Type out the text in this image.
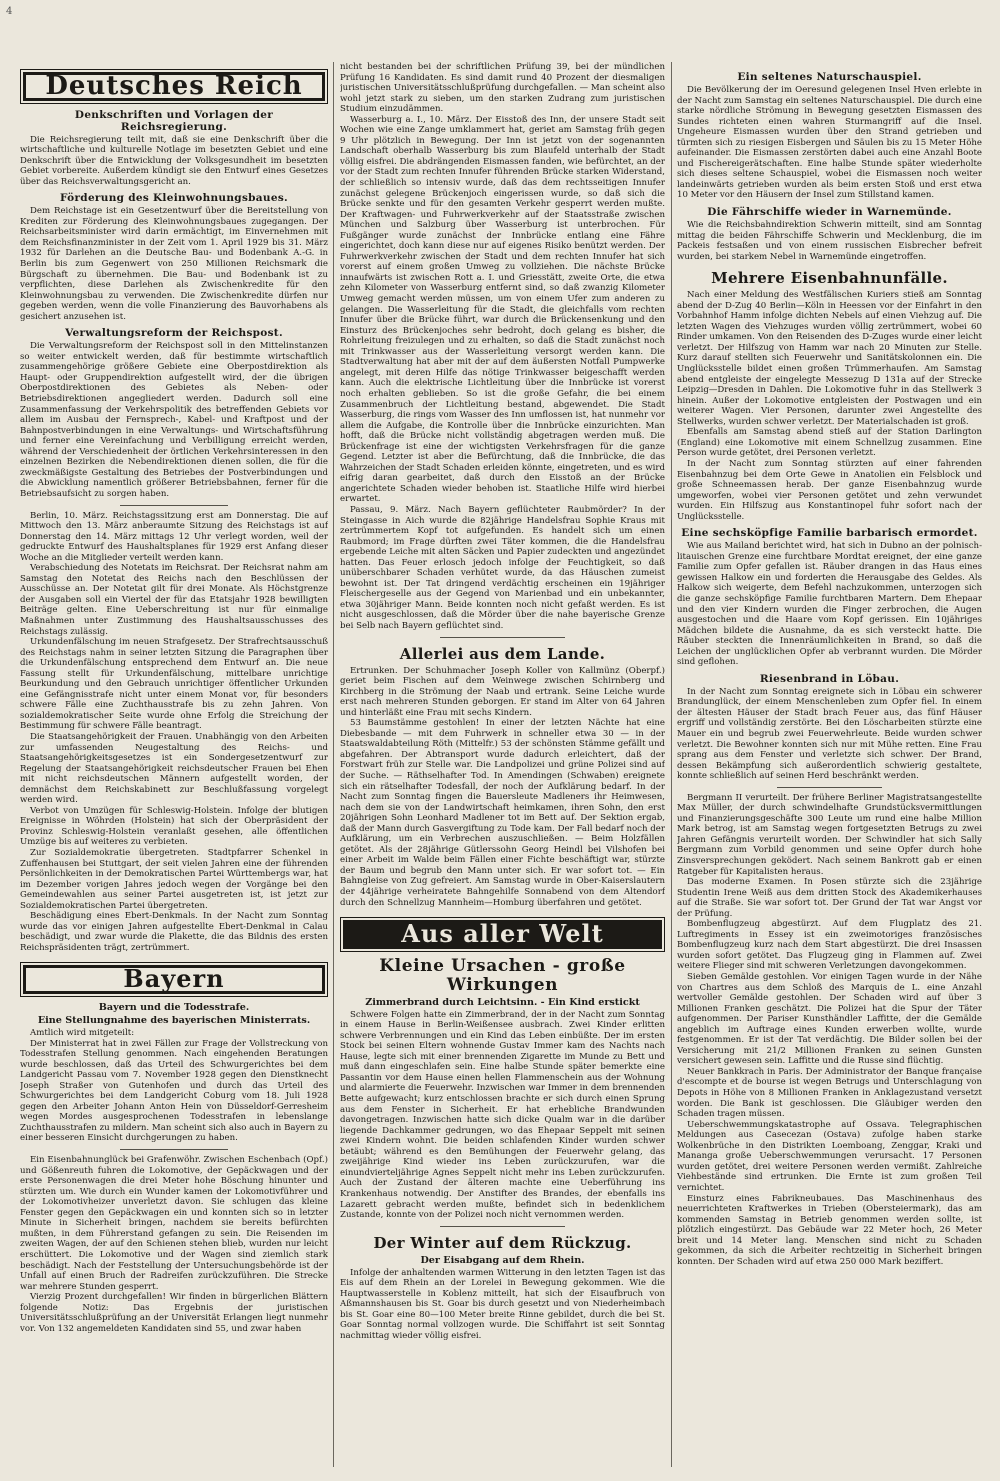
Deutsches Reich
Denkschriften und Vorlagen der Reichsregierung.

Die Reichsregierung teilt mit, daß sie eine Denkschrift über die wirtschaftliche und kulturelle Notlage im besetzten Gebiet und eine Denkschrift über die Entwicklung der Volksgesundheit im besetzten Gebiet vorbereite. Außerdem kündigt sie den Entwurf eines Gesetzes über das Reichsverwaltungsgericht an.

Förderung des Kleinwohnungsbaues.

Dem Reichstage ist ein Gesetzentwurf über die Bereitstellung von Krediten zur Förderung des Kleinwohnungsbaues zugegangen. Der Reichsarbeitsminister wird darin ermächtigt, im Einvernehmen mit dem Reichsfinanzminister in der Zeit vom 1. April 1929 bis 31. März 1932 für Darlehen an die Deutsche Bau- und Bodenbank A.-G. in Berlin bis zum Gegenwert von 250 Millionen Reichsmark die Bürgschaft zu übernehmen. Die Bau- und Bodenbank ist zu verpflichten, diese Darlehen als Zwischenkredite für den Kleinwohnungsbau zu verwenden. Die Zwischenkredite dürfen nur gegeben werden, wenn die volle Finanzierung des Bauvorhabens als gesichert anzusehen ist.

Verwaltungsreform der Reichspost.

Die Verwaltungsreform der Reichspost soll in den Mittelinstanzen so weiter entwickelt werden, daß für bestimmte wirtschaftlich zusammengehörige größere Gebiete eine Oberpostdirektion als Haupt- oder Gruppendirektion aufgestellt wird, der die übrigen Oberpostdirektionen des Gebietes als Neben- oder Betriebsdirektionen angegliedert werden. Dadurch soll eine Zusammenfassung der Verkehrspolitik des betreffenden Gebiets vor allem im Ausbau der Fernsprech-, Kabel- und Kraftpost und der Bahnpostverbindungen in eine Verwaltungs- und Wirtschaftsführung und ferner eine Vereinfachung und Verbilligung erreicht werden, während der Verschiedenheit der örtlichen Verkehrsinteressen in den einzelnen Bezirken die Nebendirektionen dienen sollen, die für die zweckmäßigste Gestaltung des Betriebes der Postverbindungen und die Abwicklung namentlich größerer Betriebsbahnen, ferner für die Betriebsaufsicht zu sorgen haben.

Berlin, 10. März. Reichstagssitzung erst am Donnerstag. Die auf Mittwoch den 13. März anberaumte Sitzung des Reichstags ist auf Donnerstag den 14. März mittags 12 Uhr verlegt worden, weil der gedruckte Entwurf des Haushaltsplanes für 1929 erst Anfang dieser Woche an die Mitglieder verteilt werden kann.

Verabschiedung des Notetats im Reichsrat. Der Reichsrat nahm am Samstag den Notetat des Reichs nach den Beschlüssen der Ausschüsse an. Der Notetat gilt für drei Monate. Als Höchstgrenze der Ausgaben soll ein Viertel der für das Etatsjahr 1928 bewilligten Beiträge gelten. Eine Ueberschreitung ist nur für einmalige Maßnahmen unter Zustimmung des Haushaltsausschusses des Reichstags zulässig.

Urkundenfälschung im neuen Strafgesetz. Der Strafrechtsausschuß des Reichstags nahm in seiner letzten Sitzung die Paragraphen über die Urkundenfälschung entsprechend dem Entwurf an. Die neue Fassung stellt für Urkundenfälschung, mittelbare unrichtige Beurkundung und den Gebrauch unrichtiger öffentlicher Urkunden eine Gefängnisstrafe nicht unter einem Monat vor, für besonders schwere Fälle eine Zuchthausstrafe bis zu zehn Jahren. Von sozialdemokratischer Seite wurde ohne Erfolg die Streichung der Bestimmung für schwere Fälle beantragt.

Die Staatsangehörigkeit der Frauen. Unabhängig von den Arbeiten zur umfassenden Neugestaltung des Reichs- und Staatsangehörigkeitsgesetzes ist ein Sondergesetzentwurf zur Regelung der Staatsangehörigkeit reichsdeutscher Frauen bei Ehen mit nicht reichsdeutschen Männern aufgestellt worden, der demnächst dem Reichskabinett zur Beschlußfassung vorgelegt werden wird.

Verbot von Umzügen für Schleswig-Holstein. Infolge der blutigen Ereignisse in Wöhrden (Holstein) hat sich der Oberpräsident der Provinz Schleswig-Holstein veranlaßt gesehen, alle öffentlichen Umzüge bis auf weiteres zu verbieten.

Zur Sozialdemokratie übergetreten. Stadtpfarrer Schenkel in Zuffenhausen bei Stuttgart, der seit vielen Jahren eine der führenden Persönlichkeiten in der Demokratischen Partei Württembergs war, hat im Dezember vorigen Jahres jedoch wegen der Vorgänge bei den Gemeindewahlen aus seiner Partei ausgetreten ist, ist jetzt zur Sozialdemokratischen Partei übergetreten.

Beschädigung eines Ebert-Denkmals. In der Nacht zum Sonntag wurde das vor einigen Jahren aufgestellte Ebert-Denkmal in Calau beschädigt, und zwar wurde die Plakette, die das Bildnis des ersten Reichspräsidenten trägt, zertrümmert.

Bayern
Bayern und die Todesstrafe.
Eine Stellungnahme des bayerischen Ministerrats.

Amtlich wird mitgeteilt:

Der Ministerrat hat in zwei Fällen zur Frage der Vollstreckung von Todesstrafen Stellung genommen. Nach eingehenden Beratungen wurde beschlossen, daß das Urteil des Schwurgerichtes bei dem Landgericht Passau vom 7. November 1928 gegen den Dienstknecht Joseph Straßer von Gutenhofen und durch das Urteil des Schwurgerichtes bei dem Landgericht Coburg vom 18. Juli 1928 gegen den Arbeiter Johann Anton Hein von Düsseldorf-Gerresheim wegen Mordes ausgesprochenen Todesstrafen in lebenslange Zuchthausstrafen zu mildern. Man scheint sich also auch in Bayern zu einer besseren Einsicht durchgerungen zu haben.

Ein Eisenbahnunglück bei Grafenwöhr. Zwischen Eschenbach (Opf.) und Gößenreuth fuhren die Lokomotive, der Gepäckwagen und der erste Personenwagen die drei Meter hohe Böschung hinunter und stürzten um. Wie durch ein Wunder kamen der Lokomotivführer und der Lokomotivheizer unverletzt davon. Sie schlugen das kleine Fenster gegen den Gepäckwagen ein und konnten sich so in letzter Minute in Sicherheit bringen, nachdem sie bereits befürchten mußten, in dem Führerstand gefangen zu sein. Die Reisenden im zweiten Wagen, der auf den Schienen stehen blieb, wurden nur leicht erschüttert. Die Lokomotive und der Wagen sind ziemlich stark beschädigt. Nach der Feststellung der Untersuchungsbehörde ist der Unfall auf einen Bruch der Radreifen zurückzuführen. Die Strecke war mehrere Stunden gesperrt.

Vierzig Prozent durchgefallen! Wir finden in bürgerlichen Blättern folgende Notiz: Das Ergebnis der juristischen Universitätsschlußprüfung an der Universität Erlangen liegt nunmehr vor. Von 132 angemeldeten Kandidaten sind 55, und zwar haben

nicht bestanden bei der schriftlichen Prüfung 39, bei der mündlichen Prüfung 16 Kandidaten. Es sind damit rund 40 Prozent der diesmaligen juristischen Universitätsschlußprüfung durchgefallen. — Man scheint also wohl jetzt stark zu sieben, um den starken Zudrang zum juristischen Studium einzudämmen.

Wasserburg a. I., 10. März. Der Eisstoß des Inn, der unsere Stadt seit Wochen wie eine Zange umklammert hat, geriet am Samstag früh gegen 9 Uhr plötzlich in Bewegung. Der Inn ist jetzt von der sogenannten Landschaft oberhalb Wasserburg bis zum Blaufeld unterhalb der Stadt völlig eisfrei. Die abdrängenden Eismassen fanden, wie befürchtet, an der vor der Stadt zum rechten Innufer führenden Brücke starken Widerstand, der schließlich so intensiv wurde, daß das dem rechtsseitigen Innufer zunächst gelegene Brückenjoch eingerissen wurde, so daß sich die Brücke senkte und für den gesamten Verkehr gesperrt werden mußte. Der Kraftwagen- und Fuhrwerkverkehr auf der Staatsstraße zwischen München und Salzburg über Wasserburg ist unterbrochen. Für Fußgänger wurde zunächst der Innbrücke entlang eine Fähre eingerichtet, doch kann diese nur auf eigenes Risiko benützt werden. Der Fuhrwerkverkehr zwischen der Stadt und dem rechten Innufer hat sich vorerst auf einem großen Umweg zu vollziehen. Die nächste Brücke innaufwärts ist zwischen Rott a. I. und Griesstätt, zweite Orte, die etwa zehn Kilometer von Wasserburg entfernt sind, so daß zwanzig Kilometer Umweg gemacht werden müssen, um von einem Ufer zum anderen zu gelangen. Die Wasserleitung für die Stadt, die gleichfalls vom rechten Innufer über die Brücke führt, war durch die Brückensenkung und den Einsturz des Brückenjoches sehr bedroht, doch gelang es bisher, die Rohrleitung freizulegen und zu erhalten, so daß die Stadt zunächst noch mit Trinkwasser aus der Wasserleitung versorgt werden kann. Die Stadtverwaltung hat aber mit der auf dem äußersten Notfall Pumpwerke angelegt, mit deren Hilfe das nötige Trinkwasser beigeschafft werden kann. Auch die elektrische Lichtleitung über die Innbrücke ist vorerst noch erhalten geblieben. So ist die große Gefahr, die bei einem Zusammenbruch der Lichtleitung bestand, abgewendet. Die Stadt Wasserburg, die rings vom Wasser des Inn umflossen ist, hat nunmehr vor allem die Aufgabe, die Kontrolle über die Innbrücke einzurichten. Man hofft, daß die Brücke nicht vollständig abgetragen werden muß. Die Brückenfrage ist eine der wichtigsten Verkehrsfragen für die ganze Gegend. Letzter ist aber die Befürchtung, daß die Innbrücke, die das Wahrzeichen der Stadt Schaden erleiden könnte, eingetreten, und es wird eifrig daran gearbeitet, daß durch den Eisstoß an der Brücke angerichtete Schaden wieder behoben ist. Staatliche Hilfe wird hierbei erwartet.

Passau, 9. März. Nach Bayern geflüchteter Raubmörder? In der Steingasse in Aich wurde die 82jährige Handelsfrau Sophie Kraus mit zertrümmertem Kopf tot aufgefunden. Es handelt sich um einen Raubmord; im Frage dürften zwei Täter kommen, die die Handelsfrau ergebende Leiche mit alten Säcken und Papier zudeckten und angezündet hatten. Das Feuer erlosch jedoch infolge der Feuchtigkeit, so daß unüberschbarer Schaden verhütet wurde, da das Häuschen zumeist bewohnt ist. Der Tat dringend verdächtig erscheinen ein 19jähriger Fleischergeselle aus der Gegend von Marienbad und ein unbekannter, etwa 30jähriger Mann. Beide konnten noch nicht gefaßt werden. Es ist nicht ausgeschlossen, daß die Mörder über die nahe bayerische Grenze bei Selb nach Bayern geflüchtet sind.

Allerlei aus dem Lande.

Ertrunken. Der Schuhmacher Joseph Koller von Kallmünz (Oberpf.) geriet beim Fischen auf dem Weinwege zwischen Schirnberg und Kirchberg in die Strömung der Naab und ertrank. Seine Leiche wurde erst nach mehreren Stunden geborgen. Er stand im Alter von 64 Jahren und hinterläßt eine Frau mit sechs Kindern.

53 Baumstämme gestohlen! In einer der letzten Nächte hat eine Diebesbande — mit dem Fuhrwerk in schneller etwa 30 — in der Staatswaldabteilung Röth (Mittelfr.) 53 der schönsten Stämme gefällt und abgefahren. Der Abtransport wurde dadurch erleichtert, daß der Forstwart früh zur Stelle war. Die Landpolizei und grüne Polizei sind auf der Suche. — Räthselhafter Tod. In Amendingen (Schwaben) ereignete sich ein rätselhafter Todesfall, der noch der Aufklärung bedarf. In der Nacht zum Sonntag fingen die Bauersleute Madleners ihr Heimwesen, nach dem sie von der Landwirtschaft heimkamen, ihren Sohn, den erst 20jährigen Sohn Leonhard Madlener tot im Bett auf. Der Sektion ergab, daß der Mann durch Gasvergiftung zu Tode kam. Der Fall bedarf noch der Aufklärung, um ein Verbrechen auszuschließen. — Beim Holzfällen getötet. Als der 28jährige Gütlerssohn Georg Heindl bei Vilshofen bei einer Arbeit im Walde beim Fällen einer Fichte beschäftigt war, stürzte der Baum und begrub den Mann unter sich. Er war sofort tot. — Ein Bahngleise von Zug gefreiert. Am Samstag wurde in Ober-Kaiserslautern der 44jährige verheiratete Bahngehilfe Sonnabend von dem Altendorf durch den Schnellzug Mannheim—Homburg überfahren und getötet.

Aus aller Welt
Kleine Ursachen - große Wirkungen
Zimmerbrand durch Leichtsinn. - Ein Kind erstickt

Schwere Folgen hatte ein Zimmerbrand, der in der Nacht zum Sonntag in einem Hause in Berlin-Weißensee ausbrach. Zwei Kinder erlitten schwere Verbrennungen und ein Kind das Leben einbüßte. Der im ersten Stock bei seinen Eltern wohnende Gustav Immer kam des Nachts nach Hause, legte sich mit einer brennenden Zigarette im Munde zu Bett und muß dann eingeschlafen sein. Eine halbe Stunde später bemerkte eine Passantin vor dem Hause einen hellen Flammenschein aus der Wohnung und alarmierte die Feuerwehr. Inzwischen war Immer in dem brennenden Bette aufgewacht; kurz entschlossen brachte er sich durch einen Sprung aus dem Fenster in Sicherheit. Er hat erhebliche Brandwunden davongetragen. Inzwischen hatte sich dicke Qualm war in die darüber liegende Dachkammer gedrungen, wo das Ehepaar Seppelt mit seinen zwei Kindern wohnt. Die beiden schlafenden Kinder wurden schwer betäubt; während es den Bemühungen der Feuerwehr gelang, das zweijährige Kind wieder ins Leben zurückzurufen, war die einundvierteljährige Agnes Seppelt nicht mehr ins Leben zurückzurufen. Auch der Zustand der älteren machte eine Ueberführung ins Krankenhaus notwendig. Der Anstifter des Brandes, der ebenfalls ins Lazarett gebracht werden mußte, befindet sich in bedenklichem Zustande, konnte von der Polizei noch nicht vernommen werden.

Der Winter auf dem Rückzug.
Der Eisabgang auf dem Rhein.

Infolge der anhaltenden warmen Witterung in den letzten Tagen ist das Eis auf dem Rhein an der Lorelei in Bewegung gekommen. Wie die Hauptwasserstelle in Koblenz mitteilt, hat sich der Eisaufbruch von Aßmannshausen bis St. Goar bis durch gesetzt und von Niederheimbach bis St. Goar eine 80—100 Meter breite Rinne gebildet, durch die bei St. Goar Sonntag normal vollzogen wurde. Die Schiffahrt ist seit Sonntag nachmittag wieder völlig eisfrei.

Ein seltenes Naturschauspiel.

Die Bevölkerung der im Oeresund gelegenen Insel Hven erlebte in der Nacht zum Samstag ein seltenes Naturschauspiel. Die durch eine starke nördliche Strömung in Bewegung gesetzten Eismassen des Sundes richteten einen wahren Sturmangriff auf die Insel. Ungeheure Eismassen wurden über den Strand getrieben und türmten sich zu riesigen Eisbergen und Säulen bis zu 15 Meter Höhe aufeinander. Die Eismassen zerstörten dabei auch eine Anzahl Boote und Fischereigerätschaften. Eine halbe Stunde später wiederholte sich dieses seltene Schauspiel, wobei die Eismassen noch weiter landeinwärts getrieben wurden als beim ersten Stoß und erst etwa 10 Meter vor den Häusern der Insel zum Stillstand kamen.

Die Fährschiffe wieder in Warnemünde.

Wie die Reichsbahndirektion Schwerin mitteilt, sind am Sonntag mittag die beiden Fährschiffe Schwerin und Mecklenburg, die im Packeis festsaßen und von einem russischen Eisbrecher befreit wurden, bei starkem Nebel in Warnemünde eingetroffen.

Mehrere Eisenbahnunfälle.

Nach einer Meldung des Westfälischen Kuriers stieß am Sonntag abend der D-Zug 40 Berlin—Köln in Heessen vor der Einfahrt in den Vorbahnhof Hamm infolge dichten Nebels auf einen Viehzug auf. Die letzten Wagen des Viehzuges wurden völlig zertrümmert, wobei 60 Rinder umkamen. Von den Reisenden des D-Zuges wurde einer leicht verletzt. Der Hilfszug von Hamm war nach 20 Minuten zur Stelle. Kurz darauf stellten sich Feuerwehr und Sanitätskolonnen ein. Die Unglücksstelle bildet einen großen Trümmerhaufen. Am Samstag abend entgleiste der eingelegte Messezug D 131a auf der Strecke Leipzig—Dresden in Dahlen. Die Lokomotive fuhr in das Stellwerk 3 hinein. Außer der Lokomotive entgleisten der Postwagen und ein weiterer Wagen. Vier Personen, darunter zwei Angestellte des Stellwerks, wurden schwer verletzt. Der Materialschaden ist groß.

Ebenfalls am Samstag abend stieß auf der Station Darlington (England) eine Lokomotive mit einem Schnellzug zusammen. Eine Person wurde getötet, drei Personen verletzt.

In der Nacht zum Sonntag stürzten auf einer fahrenden Eisenbahnzug bei dem Orte Gewe in Anatolien ein Felsblock und große Schneemassen herab. Der ganze Eisenbahnzug wurde umgeworfen, wobei vier Personen getötet und zehn verwundet wurden. Ein Hilfszug aus Konstantinopel fuhr sofort nach der Unglücksstelle.

Eine sechsköpfige Familie barbarisch ermordet.

Wie aus Mailand berichtet wird, hat sich in Dubno an der polnisch-litauischen Grenze eine furchtbare Mordtat ereignet, der eine ganze Familie zum Opfer gefallen ist. Räuber drangen in das Haus eines gewissen Halkow ein und forderten die Herausgabe des Geldes. Als Halkow sich weigerte, dem Befehl nachzukommen, unterzogen sich die ganze sechsköpfige Familie furchtbaren Martern. Dem Ehepaar und den vier Kindern wurden die Finger zerbrochen, die Augen ausgestochen und die Haare vom Kopf gerissen. Ein 10jähriges Mädchen bildete die Ausnahme, da es sich versteckt hatte. Die Räuber steckten die Innenräumlichkeiten in Brand, so daß die Leichen der unglücklichen Opfer ab verbrannt wurden. Die Mörder sind geflohen.

Riesenbrand in Löbau.

In der Nacht zum Sonntag ereignete sich in Löbau ein schwerer Brandunglück, der einem Menschenleben zum Opfer fiel. In einem der ältesten Häuser der Stadt brach Feuer aus, das fünf Häuser ergriff und vollständig zerstörte. Bei den Löscharbeiten stürzte eine Mauer ein und begrub zwei Feuerwehrleute. Beide wurden schwer verletzt. Die Bewohner konnten sich nur mit Mühe retten. Eine Frau sprang aus dem Fenster und verletzte sich schwer. Der Brand, dessen Bekämpfung sich außerordentlich schwierig gestaltete, konnte schließlich auf seinen Herd beschränkt werden.

Bergmann II verurteilt. Der frühere Berliner Magistratsangestellte Max Müller, der durch schwindelhafte Grundstücksvermittlungen und Finanzierungsgeschäfte 300 Leute um rund eine halbe Million Mark betrog, ist am Samstag wegen fortgesetzten Betrugs zu zwei Jahren Gefängnis verurteilt worden. Der Schwindler hat sich Sally Bergmann zum Vorbild genommen und seine Opfer durch hohe Zinsversprechungen geködert. Nach seinem Bankrott gab er einen Ratgeber für Kapitalisten heraus.

Das moderne Examen. In Posen stürzte sich die 23jährige Studentin Irene Weiß aus dem dritten Stock des Akademikerhauses auf die Straße. Sie war sofort tot. Der Grund der Tat war Angst vor der Prüfung.

Bombenflugzeug abgestürzt. Auf dem Flugplatz des 21. Luftregiments in Essey ist ein zweimotoriges französisches Bombenflugzeug kurz nach dem Start abgestürzt. Die drei Insassen wurden sofort getötet. Das Flugzeug ging in Flammen auf. Zwei weitere Flieger sind mit schweren Verletzungen davongekommen.

Sieben Gemälde gestohlen. Vor einigen Tagen wurde in der Nähe von Chartres aus dem Schloß des Marquis de L. eine Anzahl wertvoller Gemälde gestohlen. Der Schaden wird auf über 3 Millionen Franken geschätzt. Die Polizei hat die Spur der Täter aufgenommen. Der Pariser Kunsthändler Laffitte, der die Gemälde angeblich im Auftrage eines Kunden erwerben wollte, wurde festgenommen. Er ist der Tat verdächtig. Die Bilder sollen bei der Versicherung mit 21/2 Millionen Franken zu seinen Gunsten versichert gewesen sein. Laffitte und die Russe sind flüchtig.

Neuer Bankkrach in Paris. Der Administrator der Banque française d'escompte et de bourse ist wegen Betrugs und Unterschlagung von Depots in Höhe von 8 Millionen Franken in Anklagezustand versetzt worden. Die Bank ist geschlossen. Die Gläubiger werden den Schaden tragen müssen.

Ueberschwemmungskatastrophe auf Ossava. Telegraphischen Meldungen aus Casecezan (Ostava) zufolge haben starke Wolkenbrüche in den Distrikten Loemboang, Zenggar, Kraki und Mananga große Ueberschwemmungen verursacht. 17 Personen wurden getötet, drei weitere Personen werden vermißt. Zahlreiche Viehbestände sind ertrunken. Die Ernte ist zum großen Teil vernichtet.

Einsturz eines Fabrikneubaues. Das Maschinenhaus des neuerrichteten Kraftwerkes in Trieben (Obersteiermark), das am kommenden Samstag in Betrieb genommen werden sollte, ist plötzlich eingestürzt. Das Gebäude war 22 Meter hoch, 26 Meter breit und 14 Meter lang. Menschen sind nicht zu Schaden gekommen, da sich die Arbeiter rechtzeitig in Sicherheit bringen konnten. Der Schaden wird auf etwa 250 000 Mark beziffert.

4
